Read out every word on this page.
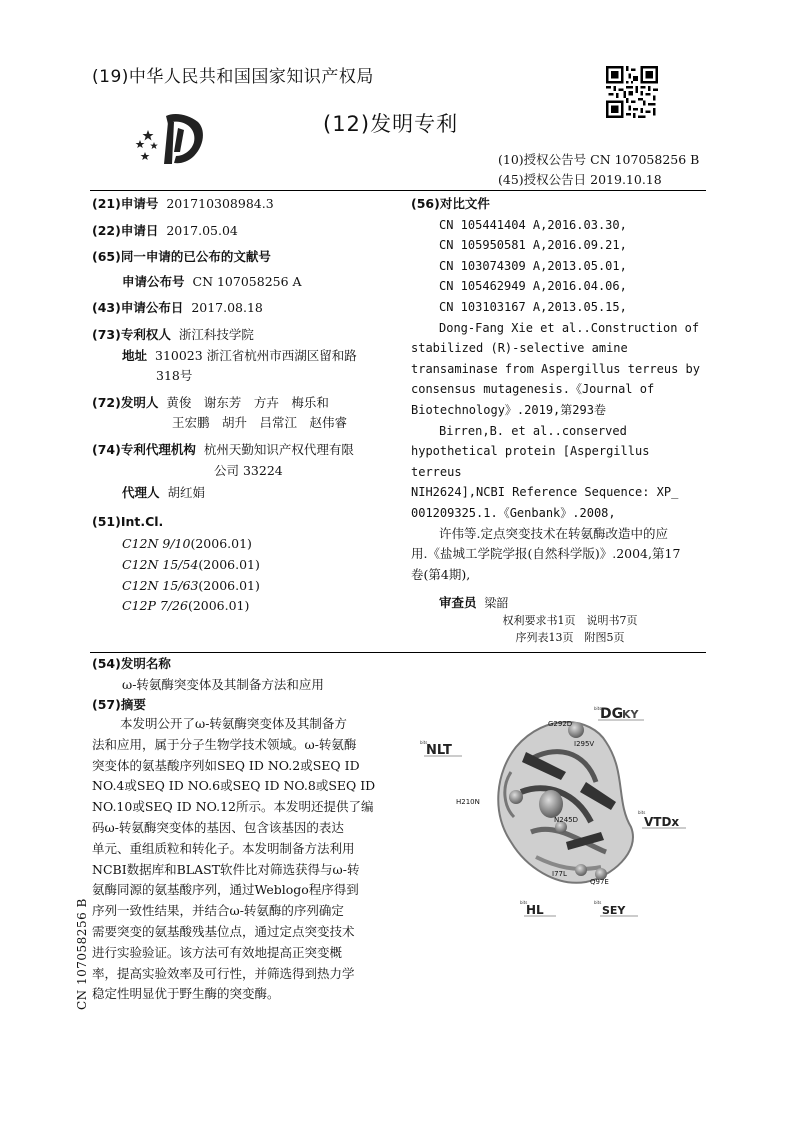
(19)中华人民共和国国家知识产权局
(12)发明专利
(10)授权公告号 CN 107058256 B
(45)授权公告日 2019.10.18
(21)申请号 201710308984.3
(22)申请日 2017.05.04
(65)同一申请的已公布的文献号
申请公布号 CN 107058256 A
(43)申请公布日 2017.08.18
(73)专利权人 浙江科技学院
地址 310023 浙江省杭州市西湖区留和路
318号
(72)发明人 黄俊　谢东芳　方卉　梅乐和
王宏鹏　胡升　吕常江　赵伟睿
(74)专利代理机构 杭州天勤知识产权代理有限
公司 33224
代理人 胡红娟
(51)Int.Cl.
C12N 9/10(2006.01)
C12N 15/54(2006.01)
C12N 15/63(2006.01)
C12P 7/26(2006.01)
(56)对比文件
CN 105441404 A,2016.03.30,
CN 105950581 A,2016.09.21,
CN 103074309 A,2013.05.01,
CN 105462949 A,2016.04.06,
CN 103103167 A,2013.05.15,
Dong-Fang Xie et al..Construction of
stabilized (R)-selective amine
transaminase from Aspergillus terreus by
consensus mutagenesis.《Journal of
Biotechnology》.2019,第293卷
Birren,B. et al..conserved
hypothetical protein [Aspergillus terreus
NIH2624],NCBI Reference Sequence: XP_
001209325.1.《Genbank》.2008,
许伟等.定点突变技术在转氨酶改造中的应
用.《盐城工学院学报(自然科学版)》.2004,第17
卷(第4期),
审查员 梁韶
权利要求书1页　说明书7页
序列表13页　附图5页
(54)发明名称
ω-转氨酶突变体及其制备方法和应用
(57)摘要
本发明公开了ω-转氨酶突变体及其制备方
法和应用，属于分子生物学技术领域。ω-转氨酶
突变体的氨基酸序列如SEQ ID NO.2或SEQ ID
NO.4或SEQ ID NO.6或SEQ ID NO.8或SEQ ID
NO.10或SEQ ID NO.12所示。本发明还提供了编
码ω-转氨酶突变体的基因、包含该基因的表达
单元、重组质粒和转化子。本发明制备方法利用
NCBI数据库和BLAST软件比对筛选获得与ω-转
氨酶同源的氨基酸序列，通过Weblogo程序得到
序列一致性结果，并结合ω-转氨酶的序列确定
需要突变的氨基酸残基位点，通过定点突变技术
进行实验验证。该方法可有效地提高正突变概
率，提高实验效率及可行性，并筛选得到热力学
稳定性明显优于野生酶的突变酶。
CN 107058256 B
G292D
I295V
H210N
N245D
I77L
Q97E
bits
DG
KY
bits
NLT
bits
VTDx
bits
HL
bits
SEY
